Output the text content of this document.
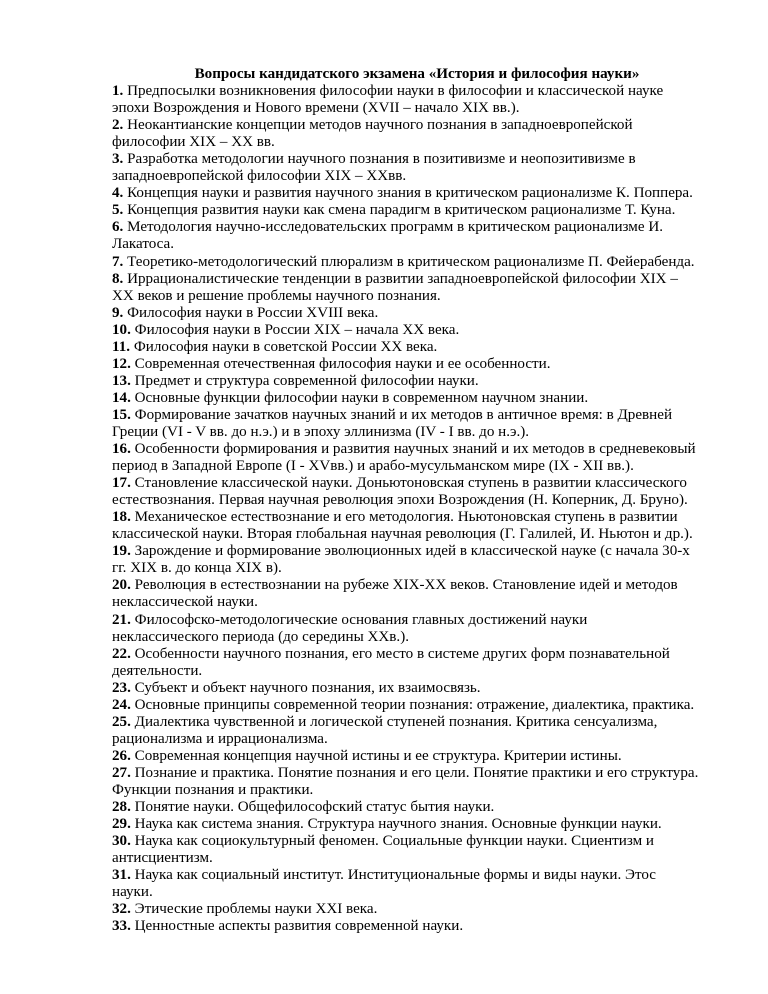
Вопросы кандидатского экзамена «История и философия науки»
1. Предпосылки возникновения философии науки в философии и классической науке
эпохи Возрождения и Нового времени (XVII – начало XIX вв.).
2. Неокантианские концепции методов научного познания в западноевропейской
философии XIX – XX вв.
3. Разработка методологии научного познания в позитивизме и неопозитивизме в
западноевропейской философии XIX – XXвв.
4. Концепция науки и развития научного знания в критическом рационализме К. Поппера.
5. Концепция развития науки как смена парадигм в критическом рационализме Т. Куна.
6. Методология научно-исследовательских программ в критическом рационализме И.
Лакатоса.
7. Теоретико-методологический плюрализм в критическом рационализме П. Фейерабенда.
8. Иррационалистические тенденции в развитии западноевропейской философии XIX –
XX веков и решение проблемы научного познания.
9. Философия науки в России XVIII века.
10. Философия науки в России XIX – начала XX века.
11. Философия науки в советской России XX века.
12. Современная отечественная философия науки и ее особенности.
13. Предмет и структура современной философии науки.
14. Основные функции философии науки в современном научном знании.
15. Формирование зачатков научных знаний и их методов в античное время: в Древней
Греции (VI - V вв. до н.э.) и в эпоху эллинизма (IV - I вв. до н.э.).
16. Особенности формирования и развития научных знаний и их методов в средневековый
период в Западной Европе (I - XVвв.) и арабо-мусульманском мире (IX - XII вв.).
17. Становление классической науки. Доньютоновская ступень в развитии классического
естествознания. Первая научная революция эпохи Возрождения (Н. Коперник, Д. Бруно).
18. Механическое естествознание и его методология. Ньютоновская ступень в развитии
классической науки. Вторая глобальная научная революция (Г. Галилей, И. Ньютон и др.).
19. Зарождение и формирование эволюционных идей в классической науке (с начала 30-х
гг. XIX в. до конца XIX в).
20. Революция в естествознании на рубеже XIX-XX веков. Становление идей и методов
неклассической науки.
21. Философско-методологические основания главных достижений науки
неклассического периода (до середины XXв.).
22. Особенности научного познания, его место в системе других форм познавательной
деятельности.
23. Субъект и объект научного познания, их взаимосвязь.
24. Основные принципы современной теории познания: отражение, диалектика, практика.
25. Диалектика чувственной и логической ступеней познания. Критика сенсуализма,
рационализма и иррационализма.
26. Современная концепция научной истины и ее структура. Критерии истины.
27. Познание и практика. Понятие познания и его цели. Понятие практики и его структура.
Функции познания и практики.
28. Понятие науки. Общефилософский статус бытия науки.
29. Наука как система знания. Структура научного знания. Основные функции науки.
30. Наука как социокультурный феномен. Социальные функции науки. Сциентизм и
антисциентизм.
31. Наука как социальный институт. Институциональные формы и виды науки. Этос
науки.
32. Этические проблемы науки XXI века.
33. Ценностные аспекты развития современной науки.
